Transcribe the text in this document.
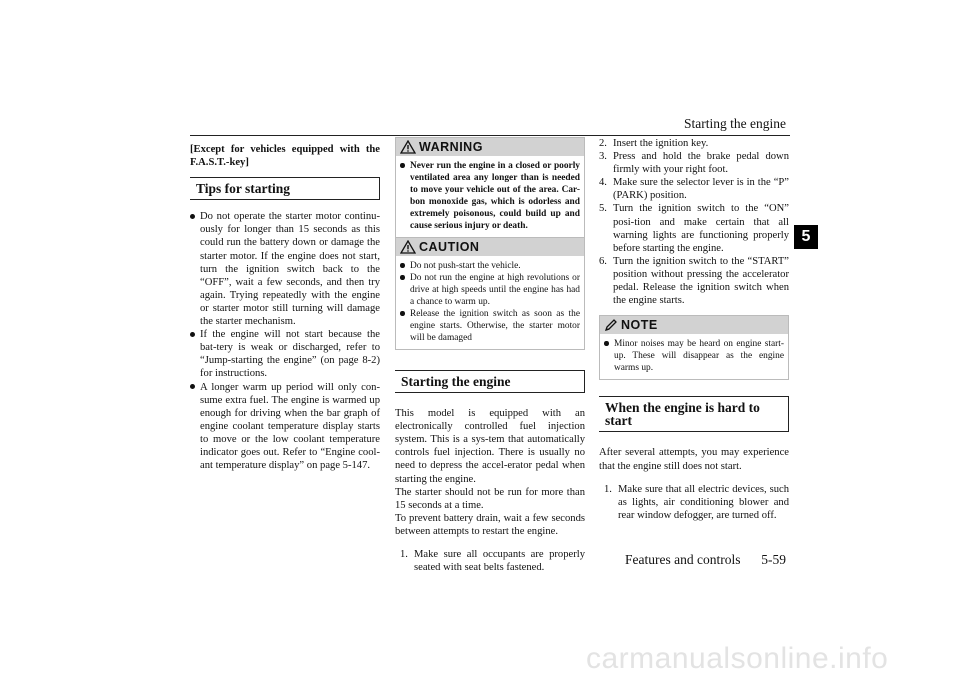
Starting the engine
5

[Except for vehicles equipped with the F.A.S.T.-key]

Tips for starting
Do not operate the starter motor continu-ously for longer than 15 seconds as this could run the battery down or damage the starter motor. If the engine does not start, turn the ignition switch back to the “OFF”, wait a few seconds, and then try again. Trying repeatedly with the engine or starter motor still turning will damage the starter mechanism.
If the engine will not start because the bat-tery is weak or discharged, refer to “Jump-starting the engine” (on page 8-2) for instructions.
A longer warm up period will only con-sume extra fuel. The engine is warmed up enough for driving when the bar graph of engine coolant temperature display starts to move or the low coolant temperature indicator goes out. Refer to “Engine cool-ant temperature display” on page 5-147.
WARNING
Never run the engine in a closed or poorly ventilated area any longer than is needed to move your vehicle out of the area. Car-bon monoxide gas, which is odorless and extremely poisonous, could build up and cause serious injury or death.
CAUTION
Do not push-start the vehicle.
Do not run the engine at high revolutions or drive at high speeds until the engine has had a chance to warm up.
Release the ignition switch as soon as the engine starts. Otherwise, the starter motor will be damaged
Starting the engine

This model is equipped with an electronically controlled fuel injection system. This is a sys-tem that automatically controls fuel injection. There is usually no need to depress the accel-erator pedal when starting the engine.

The starter should not be run for more than 15 seconds at a time.

To prevent battery drain, wait a few seconds between attempts to restart the engine.

1. Make sure all occupants are properly seated with seat belts fastened.
2. Insert the ignition key.
3. Press and hold the brake pedal down firmly with your right foot.
4. Make sure the selector lever is in the “P” (PARK) position.
5. Turn the ignition switch to the “ON” posi-tion and make certain that all warning lights are functioning properly before starting the engine.
6. Turn the ignition switch to the “START” position without pressing the accelerator pedal. Release the ignition switch when the engine starts.
NOTE
Minor noises may be heard on engine start-up. These will disappear as the engine warms up.
When the engine is hard to start

After several attempts, you may experience that the engine still does not start.

1. Make sure that all electric devices, such as lights, air conditioning blower and rear window defogger, are turned off.
Features and controls 5-59
carmanualsonline.info
